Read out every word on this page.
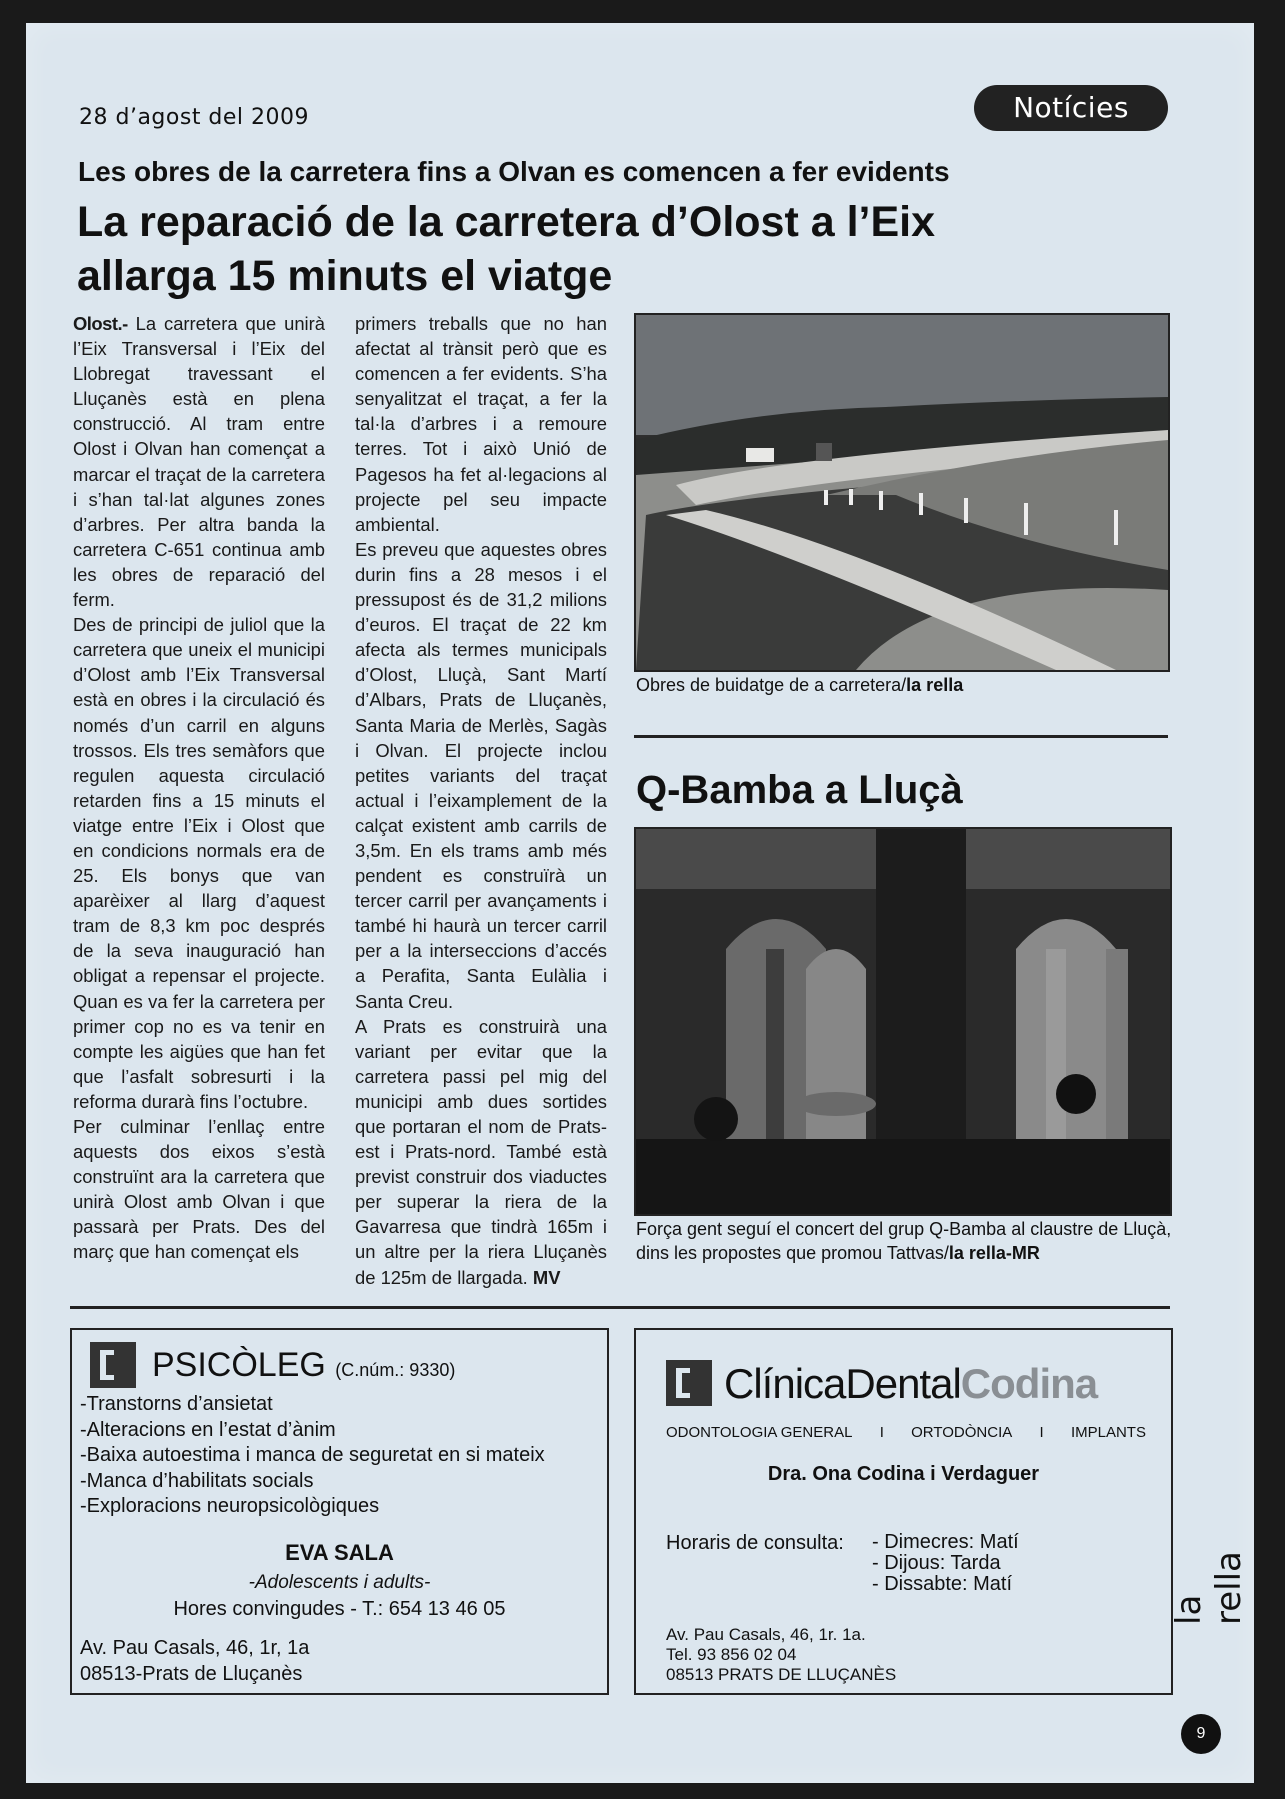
28 d’agost del 2009	Notícies
Les obres de la carretera fins a Olvan es comencen a fer evidents
La reparació de la carretera d’Olost a l’Eix allarga 15 minuts el viatge

Olost.- La carretera que unirà l’Eix Transversal i l’Eix del Llobregat travessant el Lluçanès està en plena construcció. Al tram entre Olost i Olvan han començat a marcar el traçat de la carretera i s’han tal·lat algunes zones d’arbres. Per altra banda la carretera C-651 continua amb les obres de reparació del ferm.

Des de principi de juliol que la carretera que uneix el municipi d’Olost amb l’Eix Transversal està en obres i la circulació és només d’un carril en alguns trossos. Els tres semàfors que regulen aquesta circulació retarden fins a 15 minuts el viatge entre l’Eix i Olost que en condicions normals era de 25. Els bonys que van aparèixer al llarg d’aquest tram de 8,3 km poc després de la seva inauguració han obligat a repensar el projecte. Quan es va fer la carretera per primer cop no es va tenir en compte les aigües que han fet que l’asfalt sobresurti i la reforma durarà fins l’octubre.

Per culminar l’enllaç entre aquests dos eixos s’està construïnt ara la carretera que unirà Olost amb Olvan i que passarà per Prats. Des del març que han començat els

primers treballs que no han afectat al trànsit però que es comencen a fer evidents. S’ha senyalitzat el traçat, a fer la tal·la d’arbres i a remoure terres. Tot i això Unió de Pagesos ha fet al·legacions al projecte pel seu impacte ambiental.

Es preveu que aquestes obres durin fins a 28 mesos i el pressupost és de 31,2 milions d’euros. El traçat de 22 km afecta als termes municipals d’Olost, Lluçà, Sant Martí d’Albars, Prats de Lluçanès, Santa Maria de Merlès, Sagàs i Olvan. El projecte inclou petites variants del traçat actual i l’eixamplement de la calçat existent amb carrils de 3,5m. En els trams amb més pendent es construïrà un tercer carril per avançaments i també hi haurà un tercer carril per a la interseccions d’accés a Perafita, Santa Eulàlia i Santa Creu.

A Prats es construirà una variant per evitar que la carretera passi pel mig del municipi amb dues sortides que portaran el nom de Prats-est i Prats-nord. També està previst construir dos viaductes per superar la riera de la Gavarresa que tindrà 165m i un altre per la riera Lluçanès de 125m de llargada. MV

Obres de buidatge de a carretera/la rella
Q-Bamba a Lluçà
Força gent seguí el concert del grup Q-Bamba al claustre de Lluçà, dins les propostes que promou Tattvas/la rella-MR
PSICÒLEG (C.núm.: 9330)
-Transtorns d’ansietat
-Alteracions en l’estat d’ànim
-Baixa autoestima i manca de seguretat en si mateix
-Manca d’habilitats socials
-Exploracions neuropsicològiques
EVA SALA
-Adolescents i adults-
Hores convingudes - T.: 654 13 46 05
Av. Pau Casals, 46, 1r, 1a
08513-Prats de Lluçanès
ClínicaDentalCodina
ODONTOLOGIA GENERAL I ORTODÒNCIA I IMPLANTS
Dra. Ona Codina i Verdaguer
Horaris de consulta: - Dimecres: Matí
- Dijous: Tarda
- Dissabte: Matí
Av. Pau Casals, 46, 1r. 1a.
Tel. 93 856 02 04
08513 PRATS DE LLUÇANÈS
la rella
9
